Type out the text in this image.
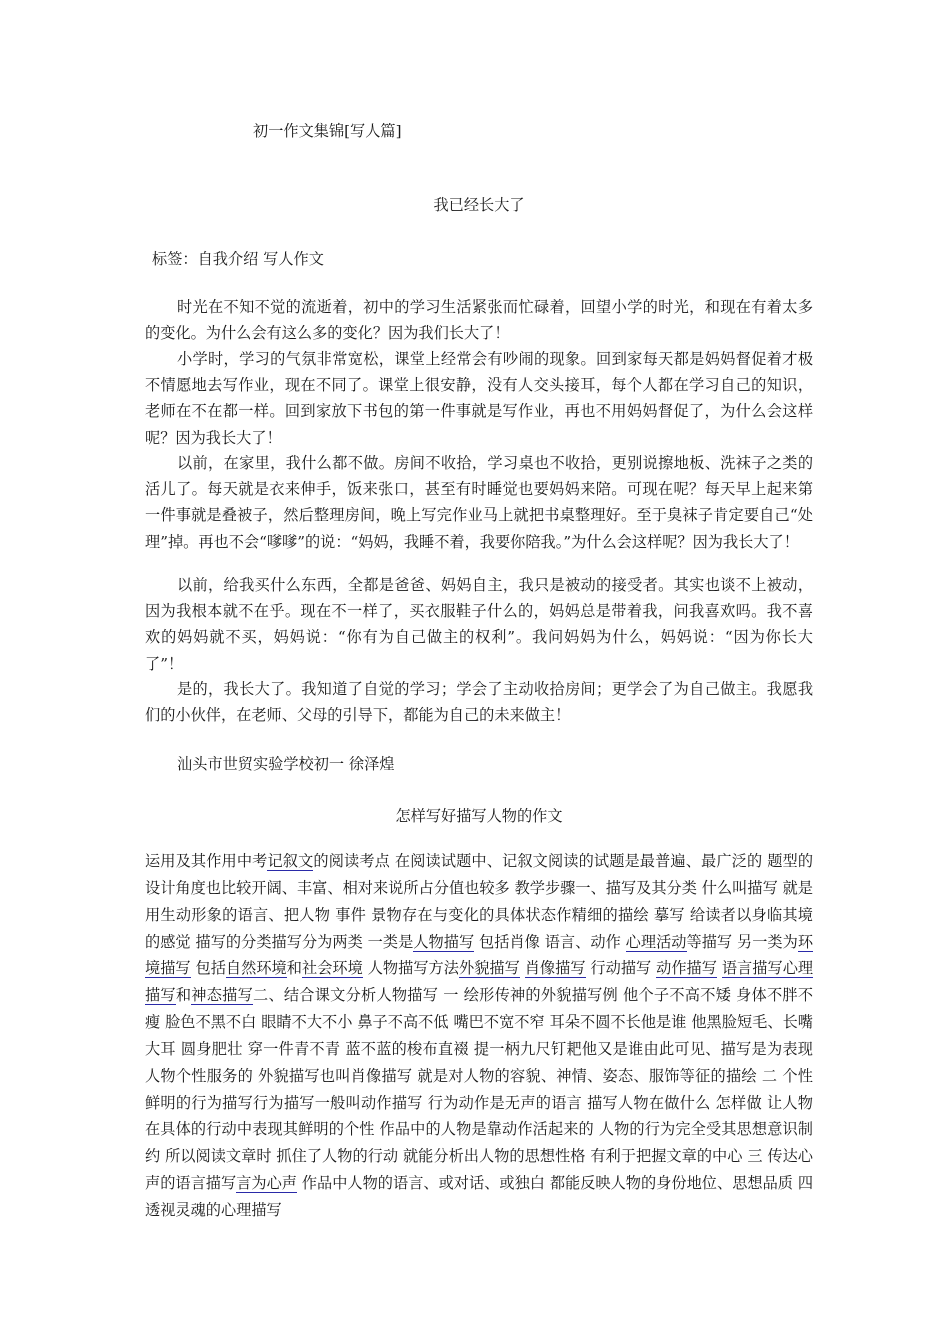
初一作文集锦[写人篇]
我已经长大了
标签：自我介绍 写人作文

时光在不知不觉的流逝着，初中的学习生活紧张而忙碌着，回望小学的时光，和现在有着太多的变化。为什么会有这么多的变化？因为我们长大了！

小学时，学习的气氛非常宽松，课堂上经常会有吵闹的现象。回到家每天都是妈妈督促着才极不情愿地去写作业，现在不同了。课堂上很安静，没有人交头接耳，每个人都在学习自己的知识，老师在不在都一样。回到家放下书包的第一件事就是写作业，再也不用妈妈督促了，为什么会这样呢？因为我长大了！

以前，在家里，我什么都不做。房间不收拾，学习桌也不收拾，更别说擦地板、洗袜子之类的活儿了。每天就是衣来伸手，饭来张口，甚至有时睡觉也要妈妈来陪。可现在呢？每天早上起来第一件事就是叠被子，然后整理房间，晚上写完作业马上就把书桌整理好。至于臭袜子肯定要自己“处理”掉。再也不会“嗲嗲”的说：“妈妈，我睡不着，我要你陪我。”为什么会这样呢？因为我长大了！

以前，给我买什么东西，全都是爸爸、妈妈自主，我只是被动的接受者。其实也谈不上被动，因为我根本就不在乎。现在不一样了，买衣服鞋子什么的，妈妈总是带着我，问我喜欢吗。我不喜欢的妈妈就不买，妈妈说：“你有为自己做主的权利”。我问妈妈为什么，妈妈说：“因为你长大了”！

是的，我长大了。我知道了自觉的学习；学会了主动收拾房间；更学会了为自己做主。我愿我们的小伙伴，在老师、父母的引导下，都能为自己的未来做主！

汕头市世贸实验学校初一 徐泽煌
怎样写好描写人物的作文

运用及其作用中考记叙文的阅读考点 在阅读试题中、记叙文阅读的试题是最普遍、最广泛的 题型的设计角度也比较开阔、丰富、相对来说所占分值也较多 教学步骤一、描写及其分类 什么叫描写 就是用生动形象的语言、把人物 事件 景物存在与变化的具体状态作精细的描绘 摹写 给读者以身临其境的感觉 描写的分类描写分为两类 一类是人物描写 包括肖像 语言、动作 心理活动等描写 另一类为环境描写 包括自然环境和社会环境 人物描写方法外貌描写 肖像描写 行动描写 动作描写 语言描写心理描写和神态描写二、结合课文分析人物描写 一 绘形传神的外貌描写例 他个子不高不矮 身体不胖不瘦 脸色不黑不白 眼睛不大不小 鼻子不高不低 嘴巴不宽不窄 耳朵不圆不长他是谁 他黑脸短毛、长嘴大耳 圆身肥壮 穿一件青不青 蓝不蓝的梭布直裰 提一柄九尺钉耙他又是谁由此可见、描写是为表现人物个性服务的 外貌描写也叫肖像描写 就是对人物的容貌、神情、姿态、服饰等征的描绘 二 个性鲜明的行为描写行为描写一般叫动作描写 行为动作是无声的语言 描写人物在做什么 怎样做 让人物在具体的行动中表现其鲜明的个性 作品中的人物是靠动作活起来的 人物的行为完全受其思想意识制约 所以阅读文章时 抓住了人物的行动 就能分析出人物的思想性格 有利于把握文章的中心 三 传达心声的语言描写言为心声 作品中人物的语言、或对话、或独白 都能反映人物的身份地位、思想品质 四 透视灵魂的心理描写
